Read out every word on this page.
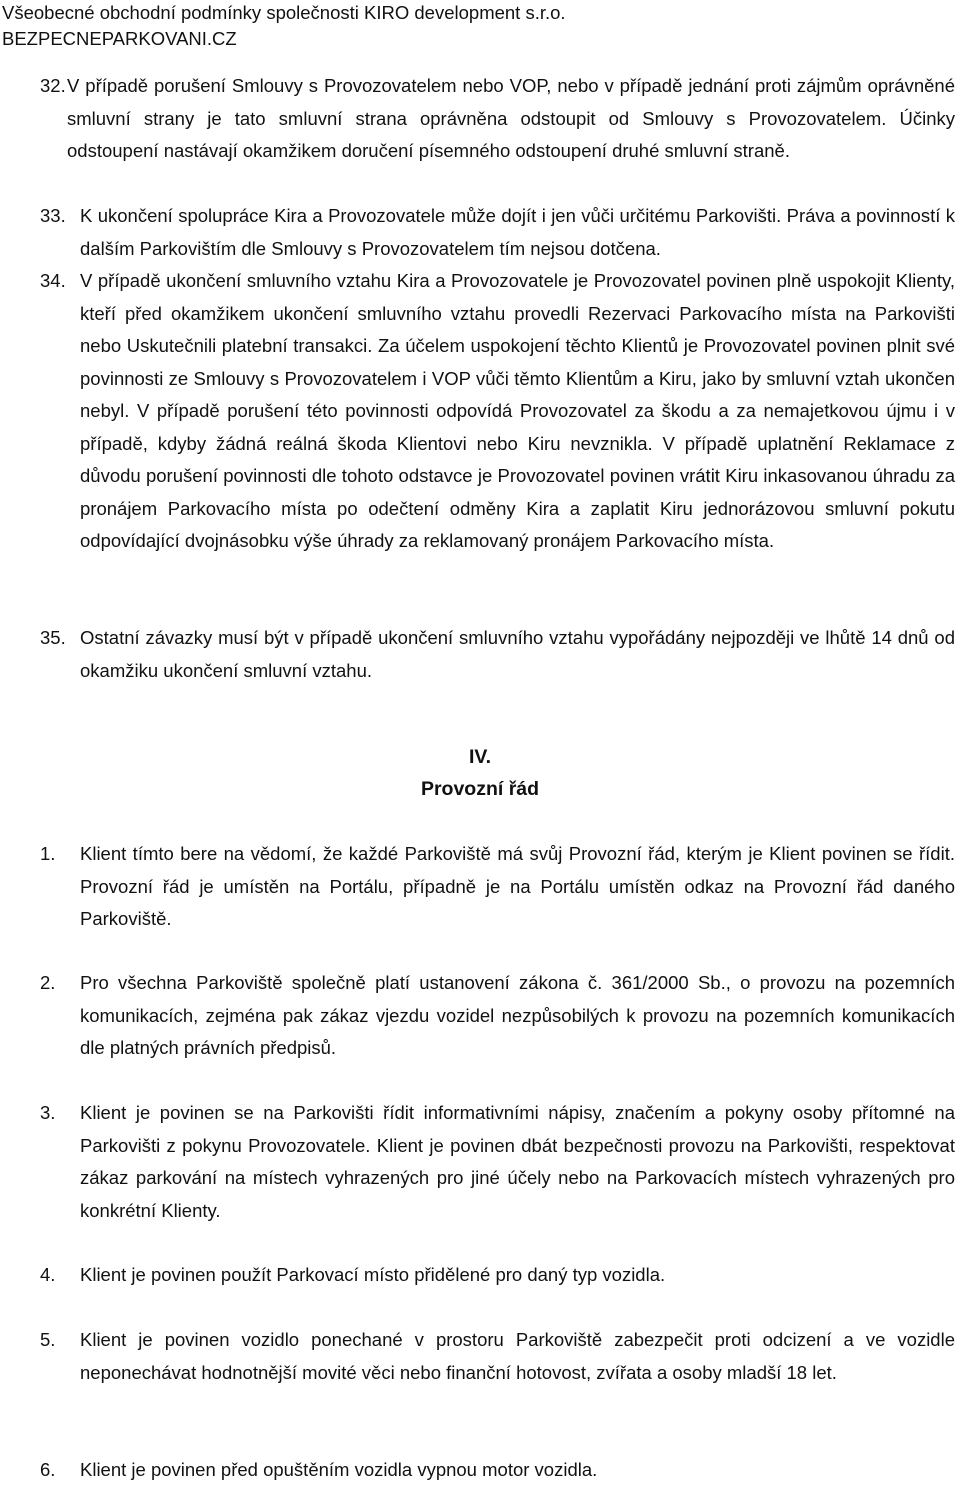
Všeobecné obchodní podmínky společnosti KIRO development s.r.o.
BEZPECNEPARKOVANI.CZ
32. V případě porušení Smlouvy s Provozovatelem nebo VOP, nebo v případě jednání proti zájmům oprávněné smluvní strany je tato smluvní strana oprávněna odstoupit od Smlouvy s Provozovatelem. Účinky odstoupení nastávají okamžikem doručení písemného odstoupení druhé smluvní straně.
33. K ukončení spolupráce Kira a Provozovatele může dojít i jen vůči určitému Parkovišti. Práva a povinností k dalším Parkovištím dle Smlouvy s Provozovatelem tím nejsou dotčena.
34. V případě ukončení smluvního vztahu Kira a Provozovatele je Provozovatel povinen plně uspokojit Klienty, kteří před okamžikem ukončení smluvního vztahu provedli Rezervaci Parkovacího místa na Parkovišti nebo Uskutečnili platební transakci. Za účelem uspokojení těchto Klientů je Provozovatel povinen plnit své povinnosti ze Smlouvy s Provozovatelem i VOP vůči těmto Klientům a Kiru, jako by smluvní vztah ukončen nebyl. V případě porušení této povinnosti odpovídá Provozovatel za škodu a za nemajetkovou újmu i v případě, kdyby žádná reálná škoda Klientovi nebo Kiru nevznikla. V případě uplatnění Reklamace z důvodu porušení povinnosti dle tohoto odstavce je Provozovatel povinen vrátit Kiru inkasovanou úhradu za pronájem Parkovacího místa po odečtení odměny Kira a zaplatit Kiru jednorázovou smluvní pokutu odpovídající dvojnásobku výše úhrady za reklamovaný pronájem Parkovacího místa.
35. Ostatní závazky musí být v případě ukončení smluvního vztahu vypořádány nejpozději ve lhůtě 14 dnů od okamžiku ukončení smluvní vztahu.
IV.
Provozní řád
1. Klient tímto bere na vědomí, že každé Parkoviště má svůj Provozní řád, kterým je Klient povinen se řídit. Provozní řád je umístěn na Portálu, případně je na Portálu umístěn odkaz na Provozní řád daného Parkoviště.
2. Pro všechna Parkoviště společně platí ustanovení zákona č. 361/2000 Sb., o provozu na pozemních komunikacích, zejména pak zákaz vjezdu vozidel nezpůsobilých k provozu na pozemních komunikacích dle platných právních předpisů.
3. Klient je povinen se na Parkovišti řídit informativními nápisy, značením a pokyny osoby přítomné na Parkovišti z pokynu Provozovatele. Klient je povinen dbát bezpečnosti provozu na Parkovišti, respektovat zákaz parkování na místech vyhrazených pro jiné účely nebo na Parkovacích místech vyhrazených pro konkrétní Klienty.
4. Klient je povinen použít Parkovací místo přidělené pro daný typ vozidla.
5. Klient je povinen vozidlo ponechané v prostoru Parkoviště zabezpečit proti odcizení a ve vozidle neponechávat hodnotnější movité věci nebo finanční hotovost, zvířata a osoby mladší 18 let.
6. Klient je povinen před opuštěním vozidla vypnou motor vozidla.
